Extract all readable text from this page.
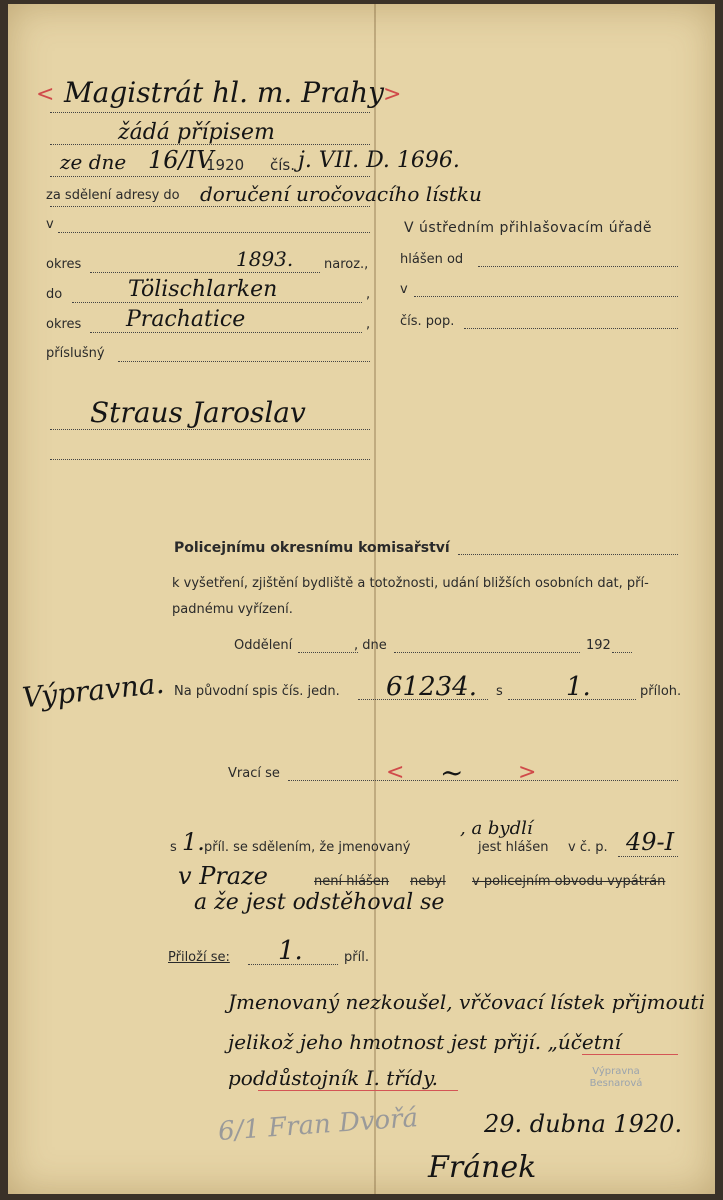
<	>
Magistrát hl. m. Prahy
žádá přípisem
ze dne 16/IV
1920 čís. j. VII. D. 1696.
za sdělení adresy do doručení uročovacího lístku
v
okres	1893. naroz.,
do	Tölischlarken	,
okres Prachatice	,
příslušný
Straus Jaroslav
V ústředním přihlašovacím úřadě
hlášen od
v
čís. pop.
Policejnímu okresnímu komisařství
k vyšetření, zjištění bydliště a totožnosti, udání bližších osobních dat, pří-
padnému vyřízení.
Oddělení	, dne	192
Výpravna. Na původní spis čís. jedn. 61234. s 1.	příloh.
Vrací se	< ~ >
s 1. příl. se sdělením, že jmenovaný
, a bydlí
jest hlášen v č. p. 49-I
v Praze	není hlášen nebyl v policejním obvodu vypátrán
a že jest odstěhoval se
Přiloží se: 1.	příl.
Jmenovaný nezkoušel, vřčovací lístek přijmouti
jelikož jeho hmotnost jest přijí. „účetní
poddůstojník I. třídy.	Výpravna
Besnarová
6/1 Fran Dvořá	29. dubna 1920.
Fránek
